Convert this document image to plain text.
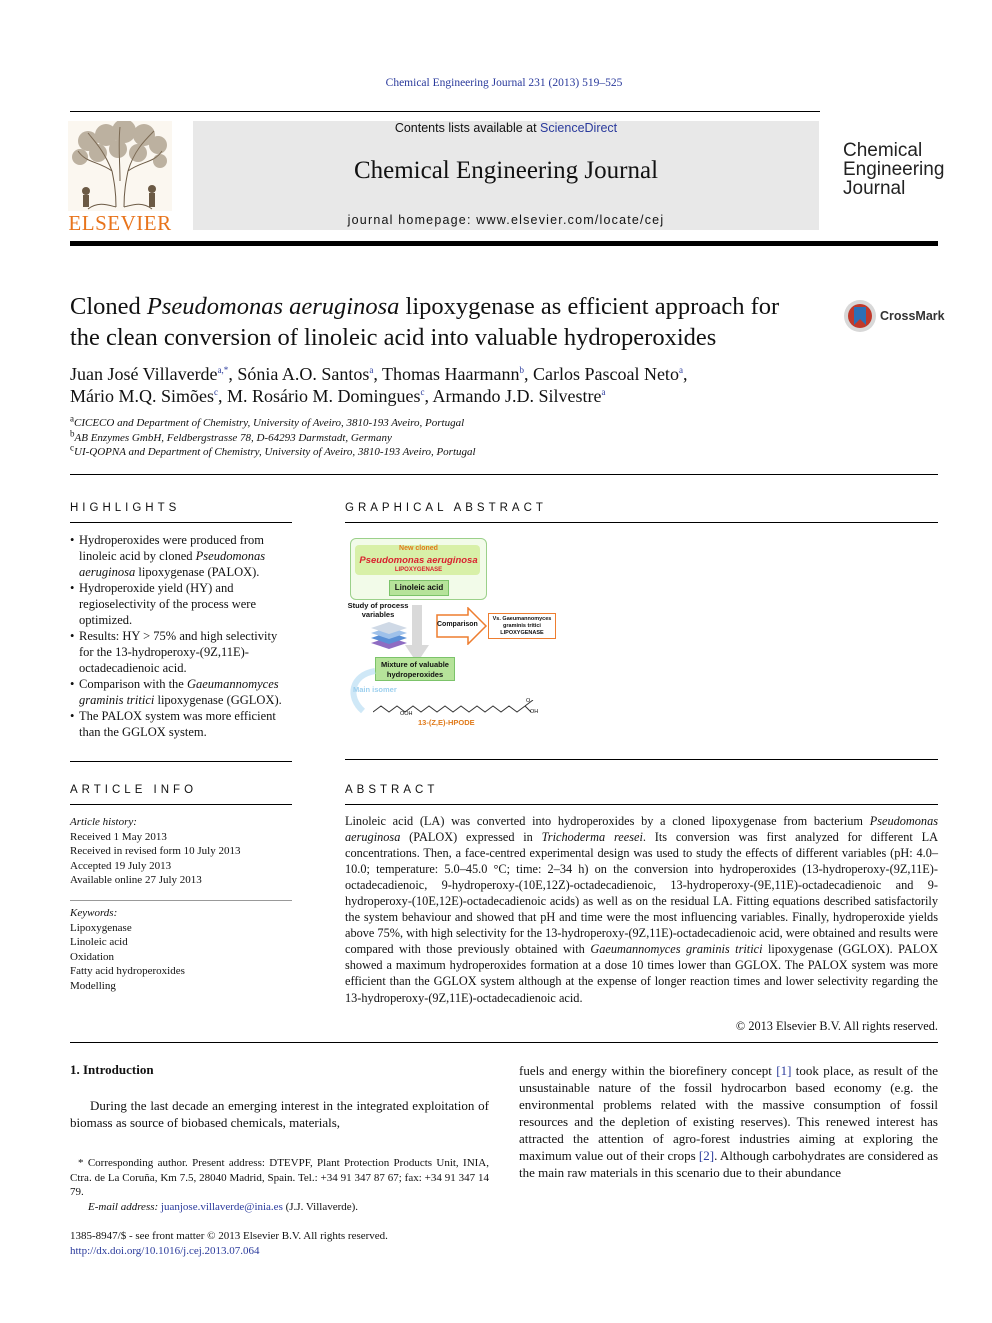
Chemical Engineering Journal 231 (2013) 519–525
ELSEVIER
Contents lists available at ScienceDirect
Chemical Engineering Journal
journal homepage: www.elsevier.com/locate/cej
Chemical
Engineering
Journal
Cloned Pseudomonas aeruginosa lipoxygenase as efficient approach for
the clean conversion of linoleic acid into valuable hydroperoxides
CrossMark
Juan José Villaverde$^{a,*}$, Sónia A.O. Santos$^a$, Thomas Haarmann$^b$, Carlos Pascoal Neto$^a$,
Mário M.Q. Simões$^c$, M. Rosário M. Domingues$^c$, Armando J.D. Silvestre$^a$
$^a$CICECO and Department of Chemistry, University of Aveiro, 3810-193 Aveiro, Portugal
$^b$AB Enzymes GmbH, Feldbergstrasse 78, D-64293 Darmstadt, Germany
$^c$UI-QOPNA and Department of Chemistry, University of Aveiro, 3810-193 Aveiro, Portugal
HIGHLIGHTS
• Hydroperoxides were produced from linoleic acid by cloned Pseudomonas aeruginosa lipoxygenase (PALOX).
• Hydroperoxide yield (HY) and regioselectivity of the process were optimized.
• Results: HY > 75% and high selectivity for the 13-hydroperoxy-(9Z,11E)-octadecadienoic acid.
• Comparison with the Gaeumannomyces graminis tritici lipoxygenase (GGLOX).
• The PALOX system was more efficient than the GGLOX system.
GRAPHICAL ABSTRACT
New cloned
Pseudomonas aeruginosa
LIPOXYGENASE
Linoleic acid
Study of process variables
Comparison
Vs. Gaeumannomyces graminis tritici LIPOXYGENASE
Mixture of valuable hydroperoxides
Main isomer
OOH
O
OH
13-(Z,E)-HPODE
ARTICLE INFO
Article history:
Received 1 May 2013
Received in revised form 10 July 2013
Accepted 19 July 2013
Available online 27 July 2013
Keywords:
Lipoxygenase
Linoleic acid
Oxidation
Fatty acid hydroperoxides
Modelling
ABSTRACT
Linoleic acid (LA) was converted into hydroperoxides by a cloned lipoxygenase from bacterium Pseudomonas aeruginosa (PALOX) expressed in Trichoderma reesei. Its conversion was first analyzed for different LA concentrations. Then, a face-centred experimental design was used to study the effects of different variables (pH: 4.0–10.0; temperature: 5.0–45.0 °C; time: 2–34 h) on the conversion into hydroperoxides (13-hydroperoxy-(9Z,11E)-octadecadienoic, 9-hydroperoxy-(10E,12Z)-octadecadienoic, 13-hydroperoxy-(9E,11E)-octadecadienoic and 9-hydroperoxy-(10E,12E)-octadecadienoic acids) as well as on the residual LA. Fitting equations described satisfactorily the system behaviour and showed that pH and time were the most influencing variables. Finally, hydroperoxide yields above 75%, with high selectivity for the 13-hydroperoxy-(9Z,11E)-octadecadienoic acid, were obtained and results were compared with those previously obtained with Gaeumannomyces graminis tritici lipoxygenase (GGLOX). PALOX showed a maximum hydroperoxides formation at a dose 10 times lower than GGLOX. The PALOX system was more efficient than the GGLOX system although at the expense of longer reaction times and lower selectivity regarding the 13-hydroperoxy-(9Z,11E)-octadecadienoic acid.
© 2013 Elsevier B.V. All rights reserved.
1. Introduction
During the last decade an emerging interest in the integrated exploitation of biomass as source of biobased chemicals, materials,
fuels and energy within the biorefinery concept [1] took place, as result of the unsustainable nature of the fossil hydrocarbon based economy (e.g. the environmental problems related with the massive consumption of fossil resources and the depletion of existing reserves). This renewed interest has attracted the attention of agro-forest industries aiming at exploring the maximum value out of their crops [2]. Although carbohydrates are considered as the main raw materials in this scenario due to their abundance
* Corresponding author. Present address: DTEVPF, Plant Protection Products Unit, INIA, Ctra. de La Coruña, Km 7.5, 28040 Madrid, Spain. Tel.: +34 91 347 87 67; fax: +34 91 347 14 79.
E-mail address: juanjose.villaverde@inia.es (J.J. Villaverde).
1385-8947/$ - see front matter © 2013 Elsevier B.V. All rights reserved.
http://dx.doi.org/10.1016/j.cej.2013.07.064
